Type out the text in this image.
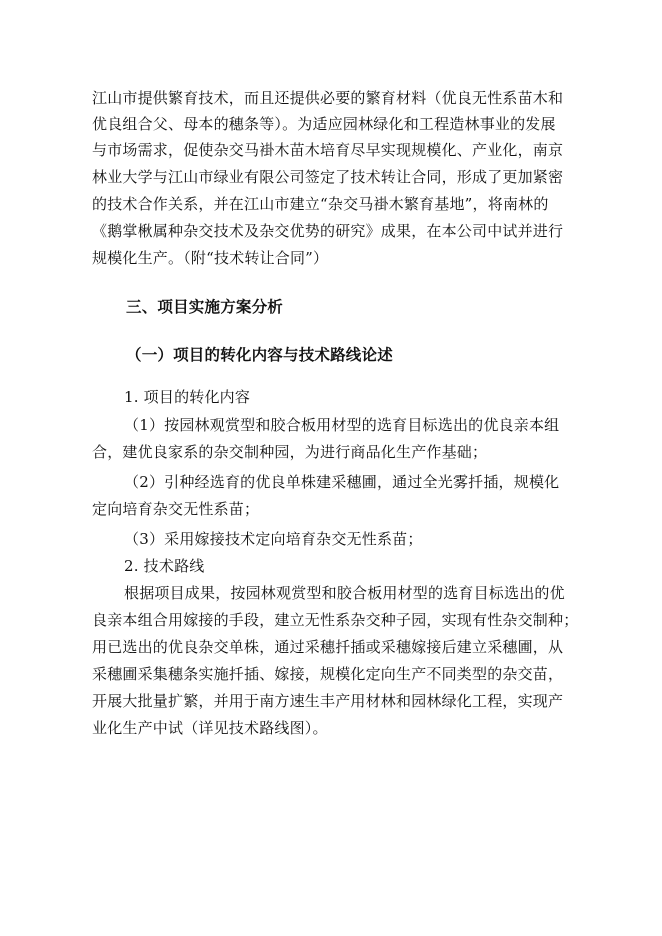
江山市提供繁育技术，而且还提供必要的繁育材料（优良无性系苗木和
优良组合父、母本的穗条等）。为适应园林绿化和工程造林事业的发展
与市场需求，促使杂交马褂木苗木培育尽早实现规模化、产业化，南京
林业大学与江山市绿业有限公司签定了技术转让合同，形成了更加紧密
的技术合作关系，并在江山市建立“杂交马褂木繁育基地”，将南林的
《鹅掌楸属种杂交技术及杂交优势的研究》成果，在本公司中试并进行
规模化生产。（附“技术转让合同”）
三、项目实施方案分析
（一）项目的转化内容与技术路线论述
1. 项目的转化内容
（1）按园林观赏型和胶合板用材型的选育目标选出的优良亲本组
合，建优良家系的杂交制种园，为进行商品化生产作基础；
（2）引种经选育的优良单株建采穗圃，通过全光雾扦插，规模化
定向培育杂交无性系苗；
（3）采用嫁接技术定向培育杂交无性系苗；
2. 技术路线
根据项目成果，按园林观赏型和胶合板用材型的选育目标选出的优
良亲本组合用嫁接的手段，建立无性系杂交种子园，实现有性杂交制种；
用已选出的优良杂交单株，通过采穗扦插或采穗嫁接后建立采穗圃，从
采穗圃采集穗条实施扦插、嫁接，规模化定向生产不同类型的杂交苗，
开展大批量扩繁，并用于南方速生丰产用材林和园林绿化工程，实现产
业化生产中试（详见技术路线图）。
